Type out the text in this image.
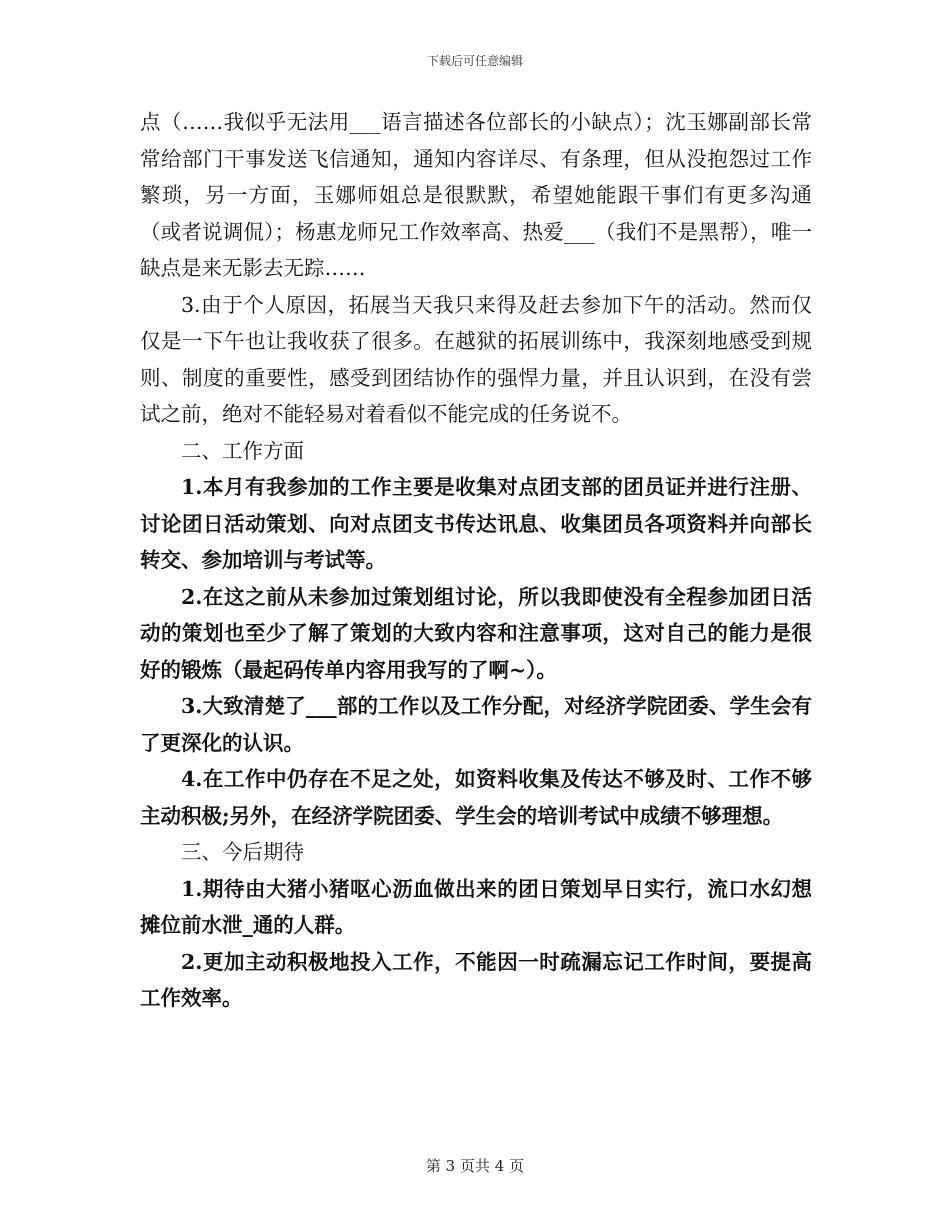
下载后可任意编辑

点（……我似乎无法用___语言描述各位部长的小缺点）；沈玉娜副部长常常给部门干事发送飞信通知，通知内容详尽、有条理，但从没抱怨过工作繁琐，另一方面，玉娜师姐总是很默默，希望她能跟干事们有更多沟通（或者说调侃）；杨惠龙师兄工作效率高、热爱___（我们不是黑帮），唯一缺点是来无影去无踪……

3.由于个人原因，拓展当天我只来得及赶去参加下午的活动。然而仅仅是一下午也让我收获了很多。在越狱的拓展训练中，我深刻地感受到规则、制度的重要性，感受到团结协作的强悍力量，并且认识到，在没有尝试之前，绝对不能轻易对着看似不能完成的任务说不。

二、工作方面

1.本月有我参加的工作主要是收集对点团支部的团员证并进行注册、讨论团日活动策划、向对点团支书传达讯息、收集团员各项资料并向部长转交、参加培训与考试等。

2.在这之前从未参加过策划组讨论，所以我即使没有全程参加团日活动的策划也至少了解了策划的大致内容和注意事项，这对自己的能力是很好的锻炼（最起码传单内容用我写的了啊~）。

3.大致清楚了___部的工作以及工作分配，对经济学院团委、学生会有了更深化的认识。

4.在工作中仍存在不足之处，如资料收集及传达不够及时、工作不够主动积极;另外，在经济学院团委、学生会的培训考试中成绩不够理想。

三、今后期待

1.期待由大猪小猪呕心沥血做出来的团日策划早日实行，流口水幻想摊位前水泄_通的人群。

2.更加主动积极地投入工作，不能因一时疏漏忘记工作时间，要提高工作效率。

第 3 页共 4 页
